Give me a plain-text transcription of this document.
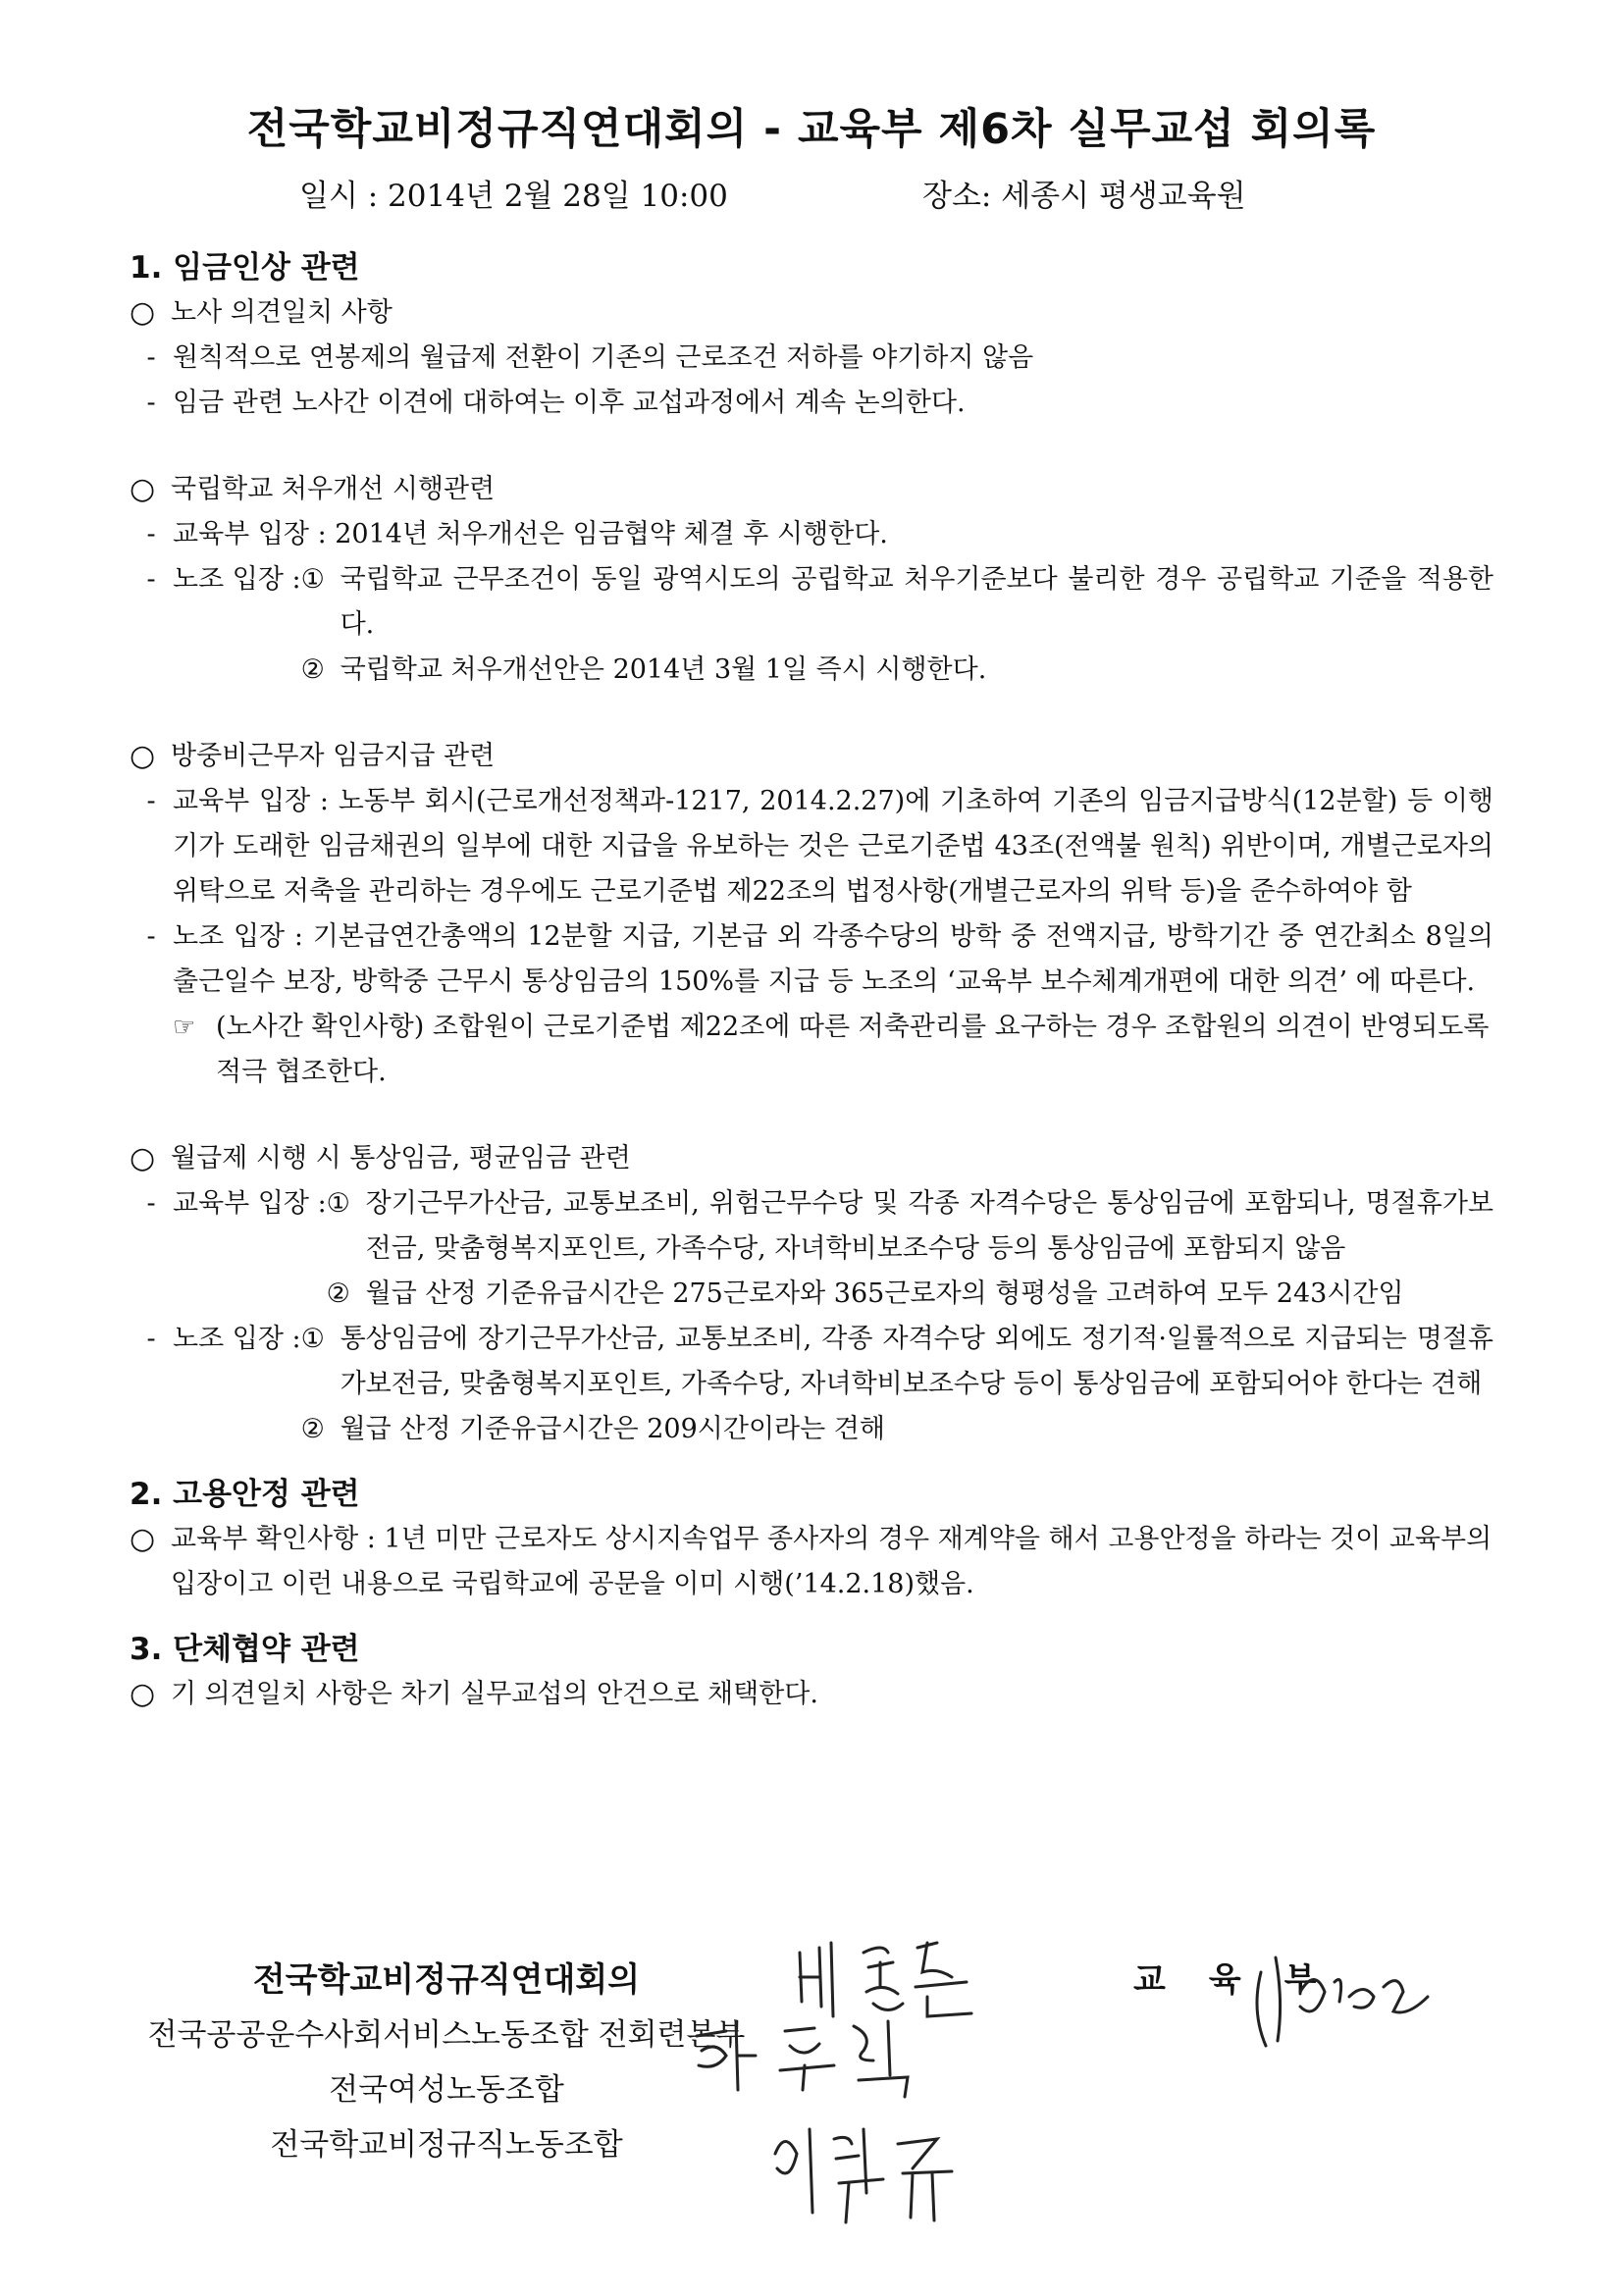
전국학교비정규직연대회의 - 교육부 제6차 실무교섭 회의록
일시 : 2014년 2월 28일 10:00	장소: 세종시 평생교육원
1. 임금인상 관련

○ 노사 의견일치 사항

- 원칙적으로 연봉제의 월급제 전환이 기존의 근로조건 저하를 야기하지 않음

- 임금 관련 노사간 이견에 대하여는 이후 교섭과정에서 계속 논의한다.

○ 국립학교 처우개선 시행관련

- 교육부 입장 : 2014년 처우개선은 임금협약 체결 후 시행한다.

- 노조 입장 : ① 국립학교 근무조건이 동일 광역시도의 공립학교 처우기준보다 불리한 경우 공립학교 기준을 적용한다.
② 국립학교 처우개선안은 2014년 3월 1일 즉시 시행한다.

○ 방중비근무자 임금지급 관련

- 교육부 입장 : 노동부 회시(근로개선정책과-1217, 2014.2.27)에 기초하여 기존의 임금지급방식(12분할) 등 이행기가 도래한 임금채권의 일부에 대한 지급을 유보하는 것은 근로기준법 43조(전액불 원칙) 위반이며, 개별근로자의 위탁으로 저축을 관리하는 경우에도 근로기준법 제22조의 법정사항(개별근로자의 위탁 등)을 준수하여야 함

- 노조 입장 : 기본급연간총액의 12분할 지급, 기본급 외 각종수당의 방학 중 전액지급, 방학기간 중 연간최소 8일의 출근일수 보장, 방학중 근무시 통상임금의 150%를 지급 등 노조의 ‘교육부 보수체계개편에 대한 의견’ 에 따른다.

☞ (노사간 확인사항) 조합원이 근로기준법 제22조에 따른 저축관리를 요구하는 경우 조합원의 의견이 반영되도록 적극 협조한다.

○ 월급제 시행 시 통상임금, 평균임금 관련

- 교육부 입장 : ① 장기근무가산금, 교통보조비, 위험근무수당 및 각종 자격수당은 통상임금에 포함되나, 명절휴가보전금, 맞춤형복지포인트, 가족수당, 자녀학비보조수당 등의 통상임금에 포함되지 않음
② 월급 산정 기준유급시간은 275근로자와 365근로자의 형평성을 고려하여 모두 243시간임
- 노조 입장 : ① 통상임금에 장기근무가산금, 교통보조비, 각종 자격수당 외에도 정기적·일률적으로 지급되는 명절휴가보전금, 맞춤형복지포인트, 가족수당, 자녀학비보조수당 등이 통상임금에 포함되어야 한다는 견해
② 월급 산정 기준유급시간은 209시간이라는 견해
2. 고용안정 관련

○ 교육부 확인사항 : 1년 미만 근로자도 상시지속업무 종사자의 경우 재계약을 해서 고용안정을 하라는 것이 교육부의 입장이고 이런 내용으로 국립학교에 공문을 이미 시행(’14.2.18)했음.

3. 단체협약 관련

○ 기 의견일치 사항은 차기 실무교섭의 안건으로 채택한다.

전국학교비정규직연대회의

전국공공운수사회서비스노동조합 전회련본부

전국여성노동조합

전국학교비정규직노동조합

교육부
